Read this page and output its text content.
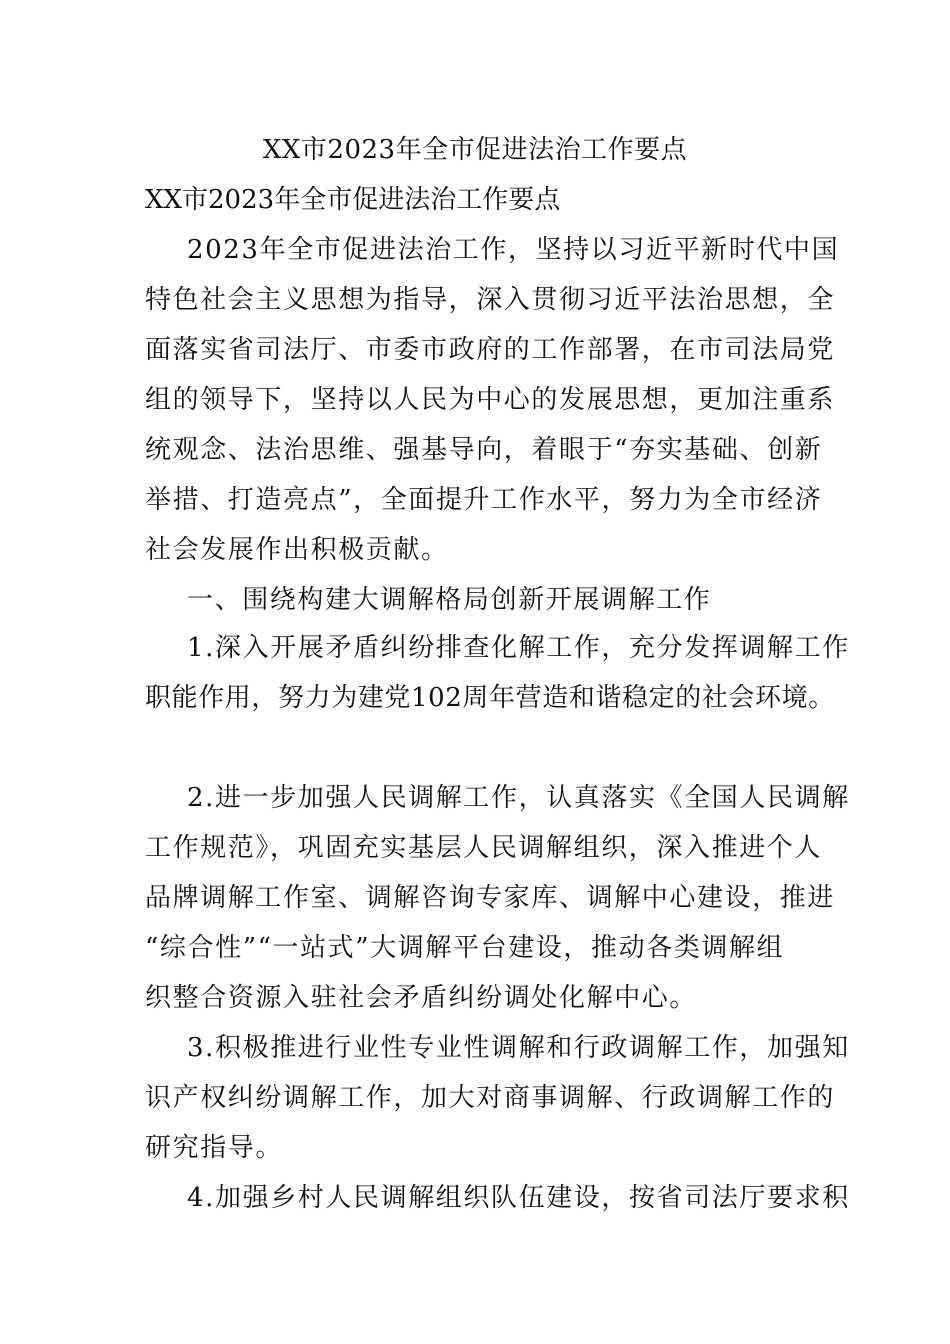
XX市2023年全市促进法治工作要点
XX市2023年全市促进法治工作要点
2023年全市促进法治工作，坚持以习近平新时代中国
特色社会主义思想为指导，深入贯彻习近平法治思想，全
面落实省司法厅、市委市政府的工作部署，在市司法局党
组的领导下，坚持以人民为中心的发展思想，更加注重系
统观念、法治思维、强基导向，着眼于“夯实基础、创新
举措、打造亮点”，全面提升工作水平，努力为全市经济
社会发展作出积极贡献。
一、围绕构建大调解格局创新开展调解工作
1.深入开展矛盾纠纷排查化解工作，充分发挥调解工作
职能作用，努力为建党102周年营造和谐稳定的社会环境。
2.进一步加强人民调解工作，认真落实《全国人民调解
工作规范》，巩固充实基层人民调解组织，深入推进个人
品牌调解工作室、调解咨询专家库、调解中心建设，推进
“综合性”“一站式”大调解平台建设，推动各类调解组
织整合资源入驻社会矛盾纠纷调处化解中心。
3.积极推进行业性专业性调解和行政调解工作，加强知
识产权纠纷调解工作，加大对商事调解、行政调解工作的
研究指导。
4.加强乡村人民调解组织队伍建设，按省司法厅要求积
